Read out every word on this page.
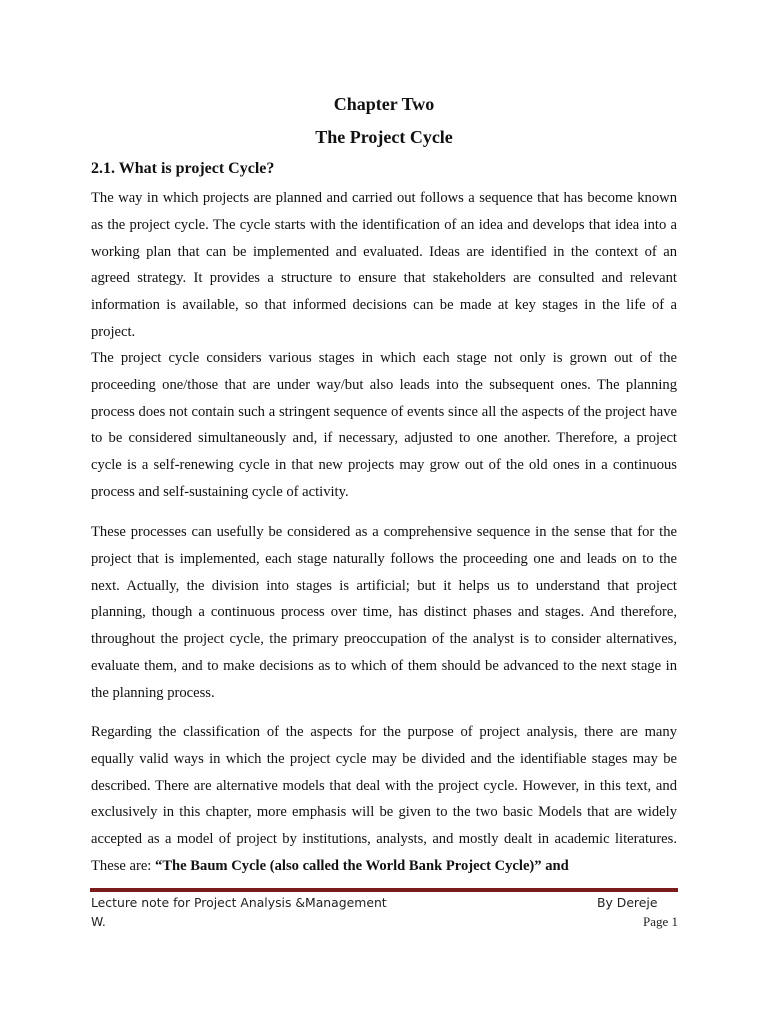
Chapter Two
The Project Cycle
2.1. What is project Cycle?

The way in which projects are planned and carried out follows a sequence that has become known as the project cycle. The cycle starts with the identification of an idea and develops that idea into a working plan that can be implemented and evaluated. Ideas are identified in the context of an agreed strategy. It provides a structure to ensure that stakeholders are consulted and relevant information is available, so that informed decisions can be made at key stages in the life of a project.

The project cycle considers various stages in which each stage not only is grown out of the proceeding one/those that are under way/but also leads into the subsequent ones. The planning process does not contain such a stringent sequence of events since all the aspects of the project have to be considered simultaneously and, if necessary, adjusted to one another. Therefore, a project cycle is a self-renewing cycle in that new projects may grow out of the old ones in a continuous process and self-sustaining cycle of activity.

These processes can usefully be considered as a comprehensive sequence in the sense that for the project that is implemented, each stage naturally follows the proceeding one and leads on to the next. Actually, the division into stages is artificial; but it helps us to understand that project planning, though a continuous process over time, has distinct phases and stages. And therefore, throughout the project cycle, the primary preoccupation of the analyst is to consider alternatives, evaluate them, and to make decisions as to which of them should be advanced to the next stage in the planning process.

Regarding the classification of the aspects for the purpose of project analysis, there are many equally valid ways in which the project cycle may be divided and the identifiable stages may be described. There are alternative models that deal with the project cycle. However, in this text, and exclusively in this chapter, more emphasis will be given to the two basic Models that are widely accepted as a model of project by institutions, analysts, and mostly dealt in academic literatures. These are: “The Baum Cycle (also called the World Bank Project Cycle)” and

Lecture note for Project Analysis &Management	By Dereje
W.	Page 1
